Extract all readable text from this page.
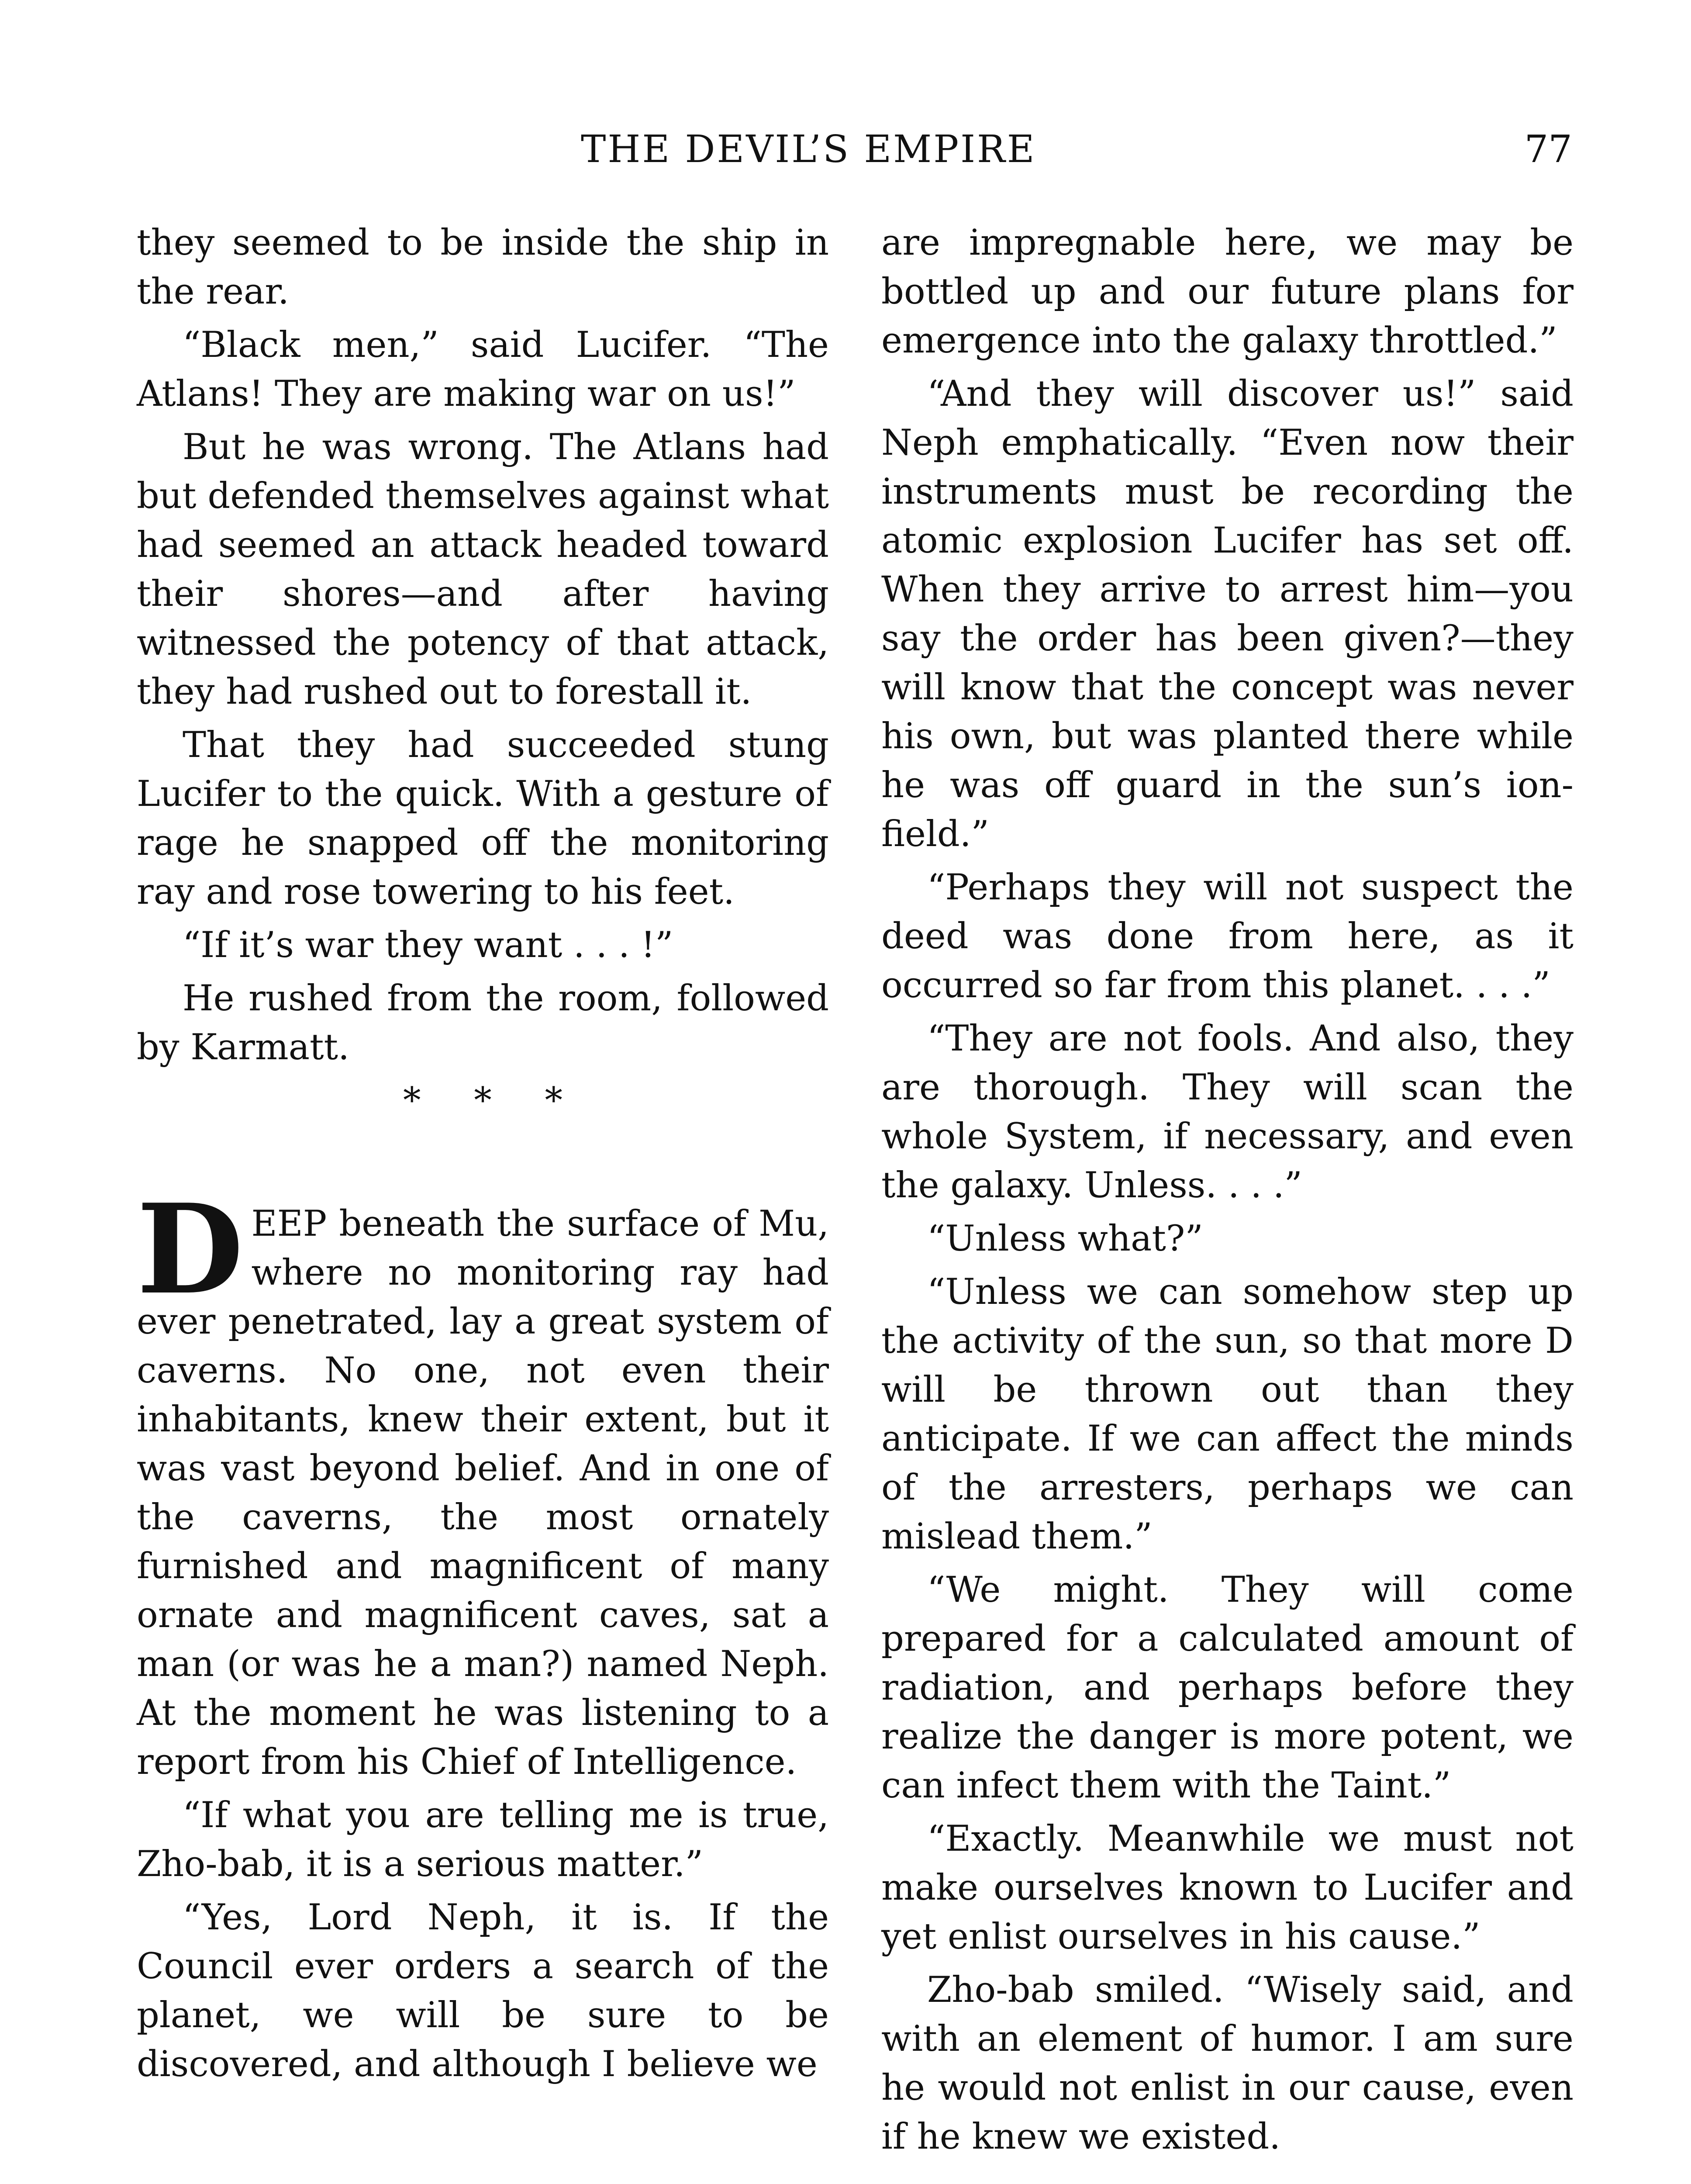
THE DEVIL’S EMPIRE	77

they seemed to be inside the ship in the rear.

“Black men,” said Lucifer. “The Atlans! They are making war on us!”

But he was wrong. The Atlans had but defended themselves against what had seemed an attack headed toward their shores—and after having witnessed the potency of that attack, they had rushed out to forestall it.

That they had succeeded stung Lucifer to the quick. With a gesture of rage he snapped off the monitoring ray and rose towering to his feet.

“If it’s war they want . . . !”

He rushed from the room, followed by Karmatt.

* * *

DEEP beneath the surface of Mu, where no monitoring ray had ever penetrated, lay a great system of caverns. No one, not even their inhabitants, knew their extent, but it was vast beyond belief. And in one of the caverns, the most ornately furnished and magnificent of many ornate and magnificent caves, sat a man (or was he a man?) named Neph. At the moment he was listening to a report from his Chief of Intelligence.

“If what you are telling me is true, Zho-bab, it is a serious matter.”

“Yes, Lord Neph, it is. If the Council ever orders a search of the planet, we will be sure to be discovered, and although I believe we

are impregnable here, we may be bottled up and our future plans for emergence into the galaxy throttled.”

“And they will discover us!” said Neph emphatically. “Even now their instruments must be recording the atomic explosion Lucifer has set off. When they arrive to arrest him—you say the order has been given?—they will know that the concept was never his own, but was planted there while he was off guard in the sun’s ion-field.”

“Perhaps they will not suspect the deed was done from here, as it occurred so far from this planet. . . .”

“They are not fools. And also, they are thorough. They will scan the whole System, if necessary, and even the galaxy. Unless. . . .”

“Unless what?”

“Unless we can somehow step up the activity of the sun, so that more D will be thrown out than they anticipate. If we can affect the minds of the arresters, perhaps we can mislead them.”

“We might. They will come prepared for a calculated amount of radiation, and perhaps before they realize the danger is more potent, we can infect them with the Taint.”

“Exactly. Meanwhile we must not make ourselves known to Lucifer and yet enlist ourselves in his cause.”

Zho-bab smiled. “Wisely said, and with an element of humor. I am sure he would not enlist in our cause, even if he knew we existed.
